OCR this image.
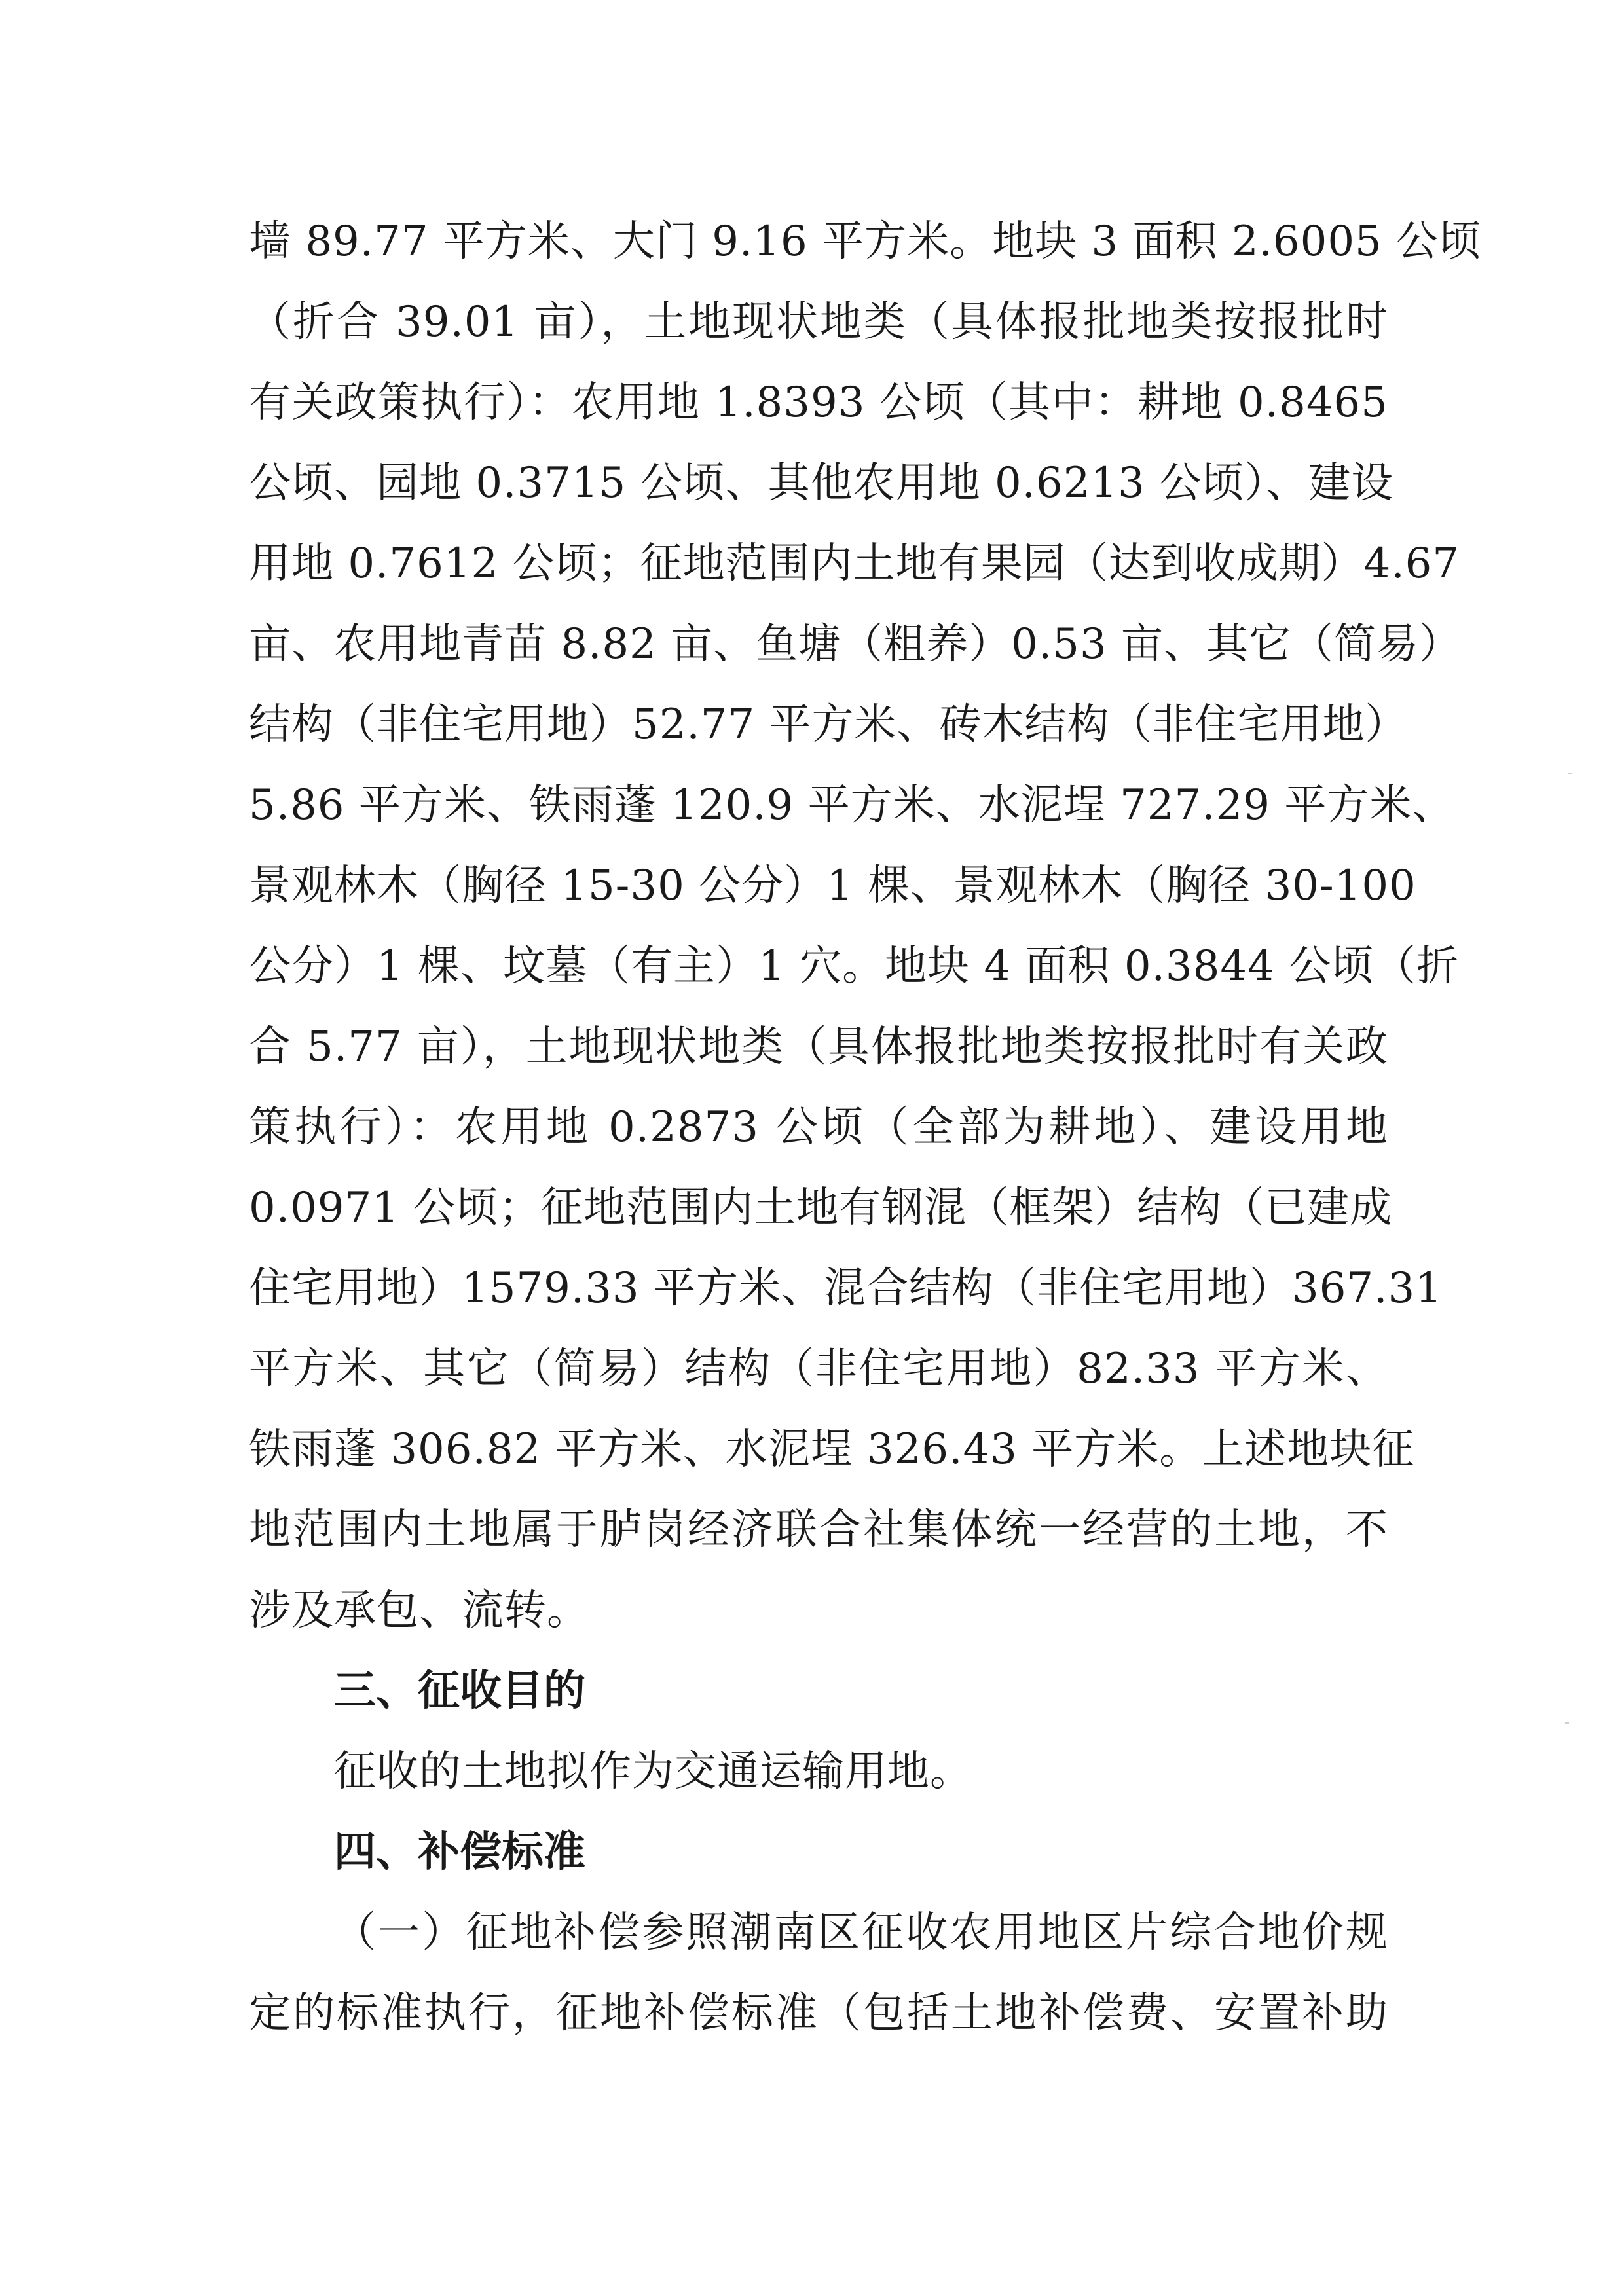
墙 89.77 平方米、大门 9.16 平方米。地块 3 面积 2.6005 公顷
（折合 39.01 亩），土地现状地类（具体报批地类按报批时
有关政策执行）：农用地 1.8393 公顷（其中：耕地 0.8465
公顷、园地 0.3715 公顷、其他农用地 0.6213 公顷）、建设
用地 0.7612 公顷；征地范围内土地有果园（达到收成期）4.67
亩、农用地青苗 8.82 亩、鱼塘（粗养）0.53 亩、其它（简易）
结构（非住宅用地）52.77 平方米、砖木结构（非住宅用地）
5.86 平方米、铁雨蓬 120.9 平方米、水泥埕 727.29 平方米、
景观林木（胸径 15-30 公分）1 棵、景观林木（胸径 30-100
公分）1 棵、坟墓（有主）1 穴。地块 4 面积 0.3844 公顷（折
合 5.77 亩），土地现状地类（具体报批地类按报批时有关政
策执行）：农用地 0.2873 公顷（全部为耕地）、建设用地
0.0971 公顷；征地范围内土地有钢混（框架）结构（已建成
住宅用地）1579.33 平方米、混合结构（非住宅用地）367.31
平方米、其它（简易）结构（非住宅用地）82.33 平方米、
铁雨蓬 306.82 平方米、水泥埕 326.43 平方米。上述地块征
地范围内土地属于胪岗经济联合社集体统一经营的土地，不
涉及承包、流转。
三、征收目的
征收的土地拟作为交通运输用地。
四、补偿标准
（一）征地补偿参照潮南区征收农用地区片综合地价规
定的标准执行，征地补偿标准（包括土地补偿费、安置补助
